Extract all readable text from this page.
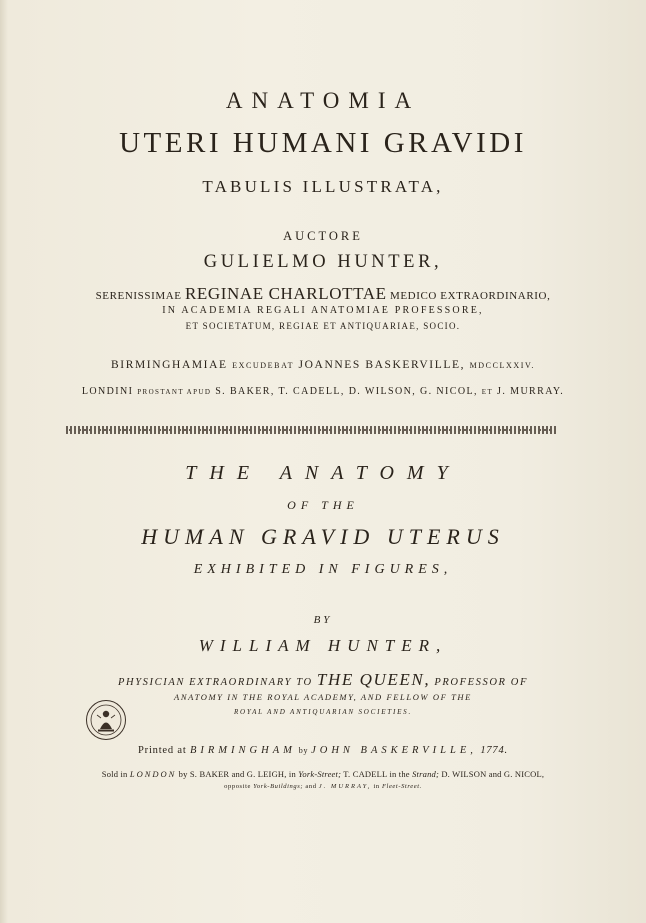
ANATOMIA
UTERI HUMANI GRAVIDI
TABULIS ILLUSTRATA,
AUCTORE
GULIELMO HUNTER,
SERENISSIMAE REGINAE CHARLOTTAE MEDICO EXTRAORDINARIO,
IN ACADEMIA REGALI ANATOMIAE PROFESSORE,
ET SOCIETATUM, REGIAE ET ANTIQUARIAE, SOCIO.
BIRMINGHAMIAE EXCUDEBAT JOANNES BASKERVILLE, MDCCLXXIV.
LONDINI PROSTANT APUD S. BAKER, T. CADELL, D. WILSON, G. NICOL, ET J. MURRAY.
THE ANATOMY
OF THE
HUMAN GRAVID UTERUS
EXHIBITED IN FIGURES,
BY
WILLIAM HUNTER,
PHYSICIAN EXTRAORDINARY TO THE QUEEN, PROFESSOR OF
ANATOMY IN THE ROYAL ACADEMY, AND FELLOW OF THE
ROYAL AND ANTIQUARIAN SOCIETIES.
Printed at BIRMINGHAM by JOHN BASKERVILLE, 1774.
Sold in LONDON by S. BAKER and G. LEIGH, in York-Street; T. CADELL in the Strand; D. WILSON and G. NICOL,
opposite York-Buildings; and J. MURRAY, in Fleet-Street.
